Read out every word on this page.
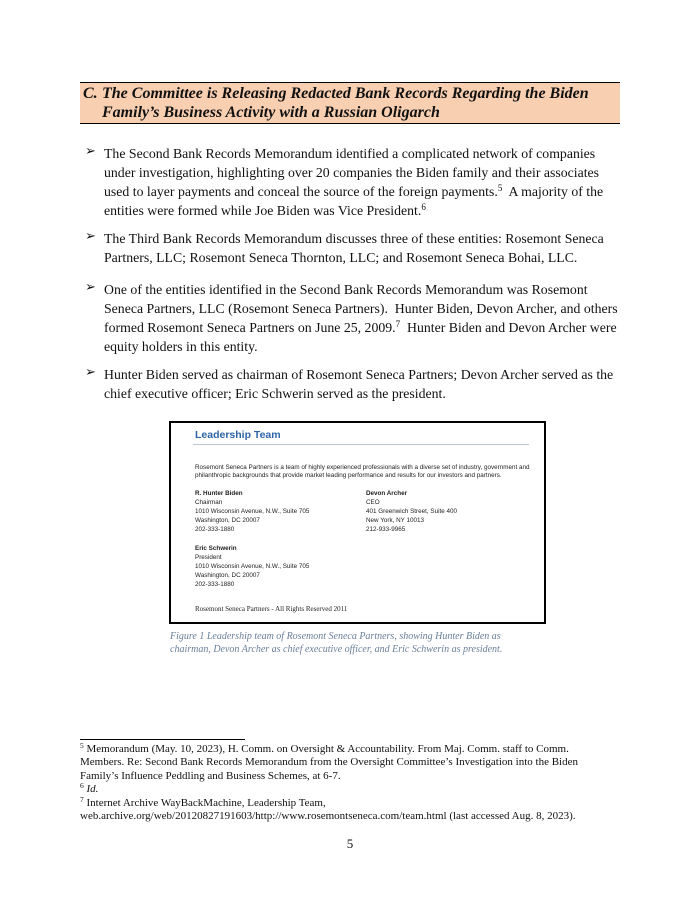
C. The Committee is Releasing Redacted Bank Records Regarding the Biden
Family’s Business Activity with a Russian Oligarch
➢ The Second Bank Records Memorandum identified a complicated network of companies
under investigation, highlighting over 20 companies the Biden family and their associates
used to layer payments and conceal the source of the foreign payments.$^5$  A majority of the
entities were formed while Joe Biden was Vice President.$^6$
➢ The Third Bank Records Memorandum discusses three of these entities: Rosemont Seneca
Partners, LLC; Rosemont Seneca Thornton, LLC; and Rosemont Seneca Bohai, LLC.
➢ One of the entities identified in the Second Bank Records Memorandum was Rosemont
Seneca Partners, LLC (Rosemont Seneca Partners).  Hunter Biden, Devon Archer, and others
formed Rosemont Seneca Partners on June 25, 2009.$^7$  Hunter Biden and Devon Archer were
equity holders in this entity.
➢ Hunter Biden served as chairman of Rosemont Seneca Partners; Devon Archer served as the
chief executive officer; Eric Schwerin served as the president.
Leadership Team
Rosemont Seneca Partners is a team of highly experienced professionals with a diverse set of industry, government and
philanthropic backgrounds that provide market leading performance and results for our investors and partners.
R. Hunter Biden
Chairman
1010 Wisconsin Avenue, N.W., Suite 705
Washington, DC 20007
202-333-1880
Devon Archer
CEO
401 Greenwich Street, Suite 400
New York, NY 10013
212-933-9965
Eric Schwerin
President
1010 Wisconsin Avenue, N.W., Suite 705
Washington, DC 20007
202-333-1880
Rosemont Seneca Partners - All Rights Reserved 2011
Figure 1 Leadership team of Rosemont Seneca Partners, showing Hunter Biden as
chairman, Devon Archer as chief executive officer, and Eric Schwerin as president.
$^5$ Memorandum (May. 10, 2023), H. Comm. on Oversight & Accountability. From Maj. Comm. staff to Comm.
Members. Re: Second Bank Records Memorandum from the Oversight Committee’s Investigation into the Biden
Family’s Influence Peddling and Business Schemes, at 6-7.
$^6$ Id.
$^7$ Internet Archive WayBackMachine, Leadership Team,
web.archive.org/web/20120827191603/http://www.rosemontseneca.com/team.html (last accessed Aug. 8, 2023).
5
